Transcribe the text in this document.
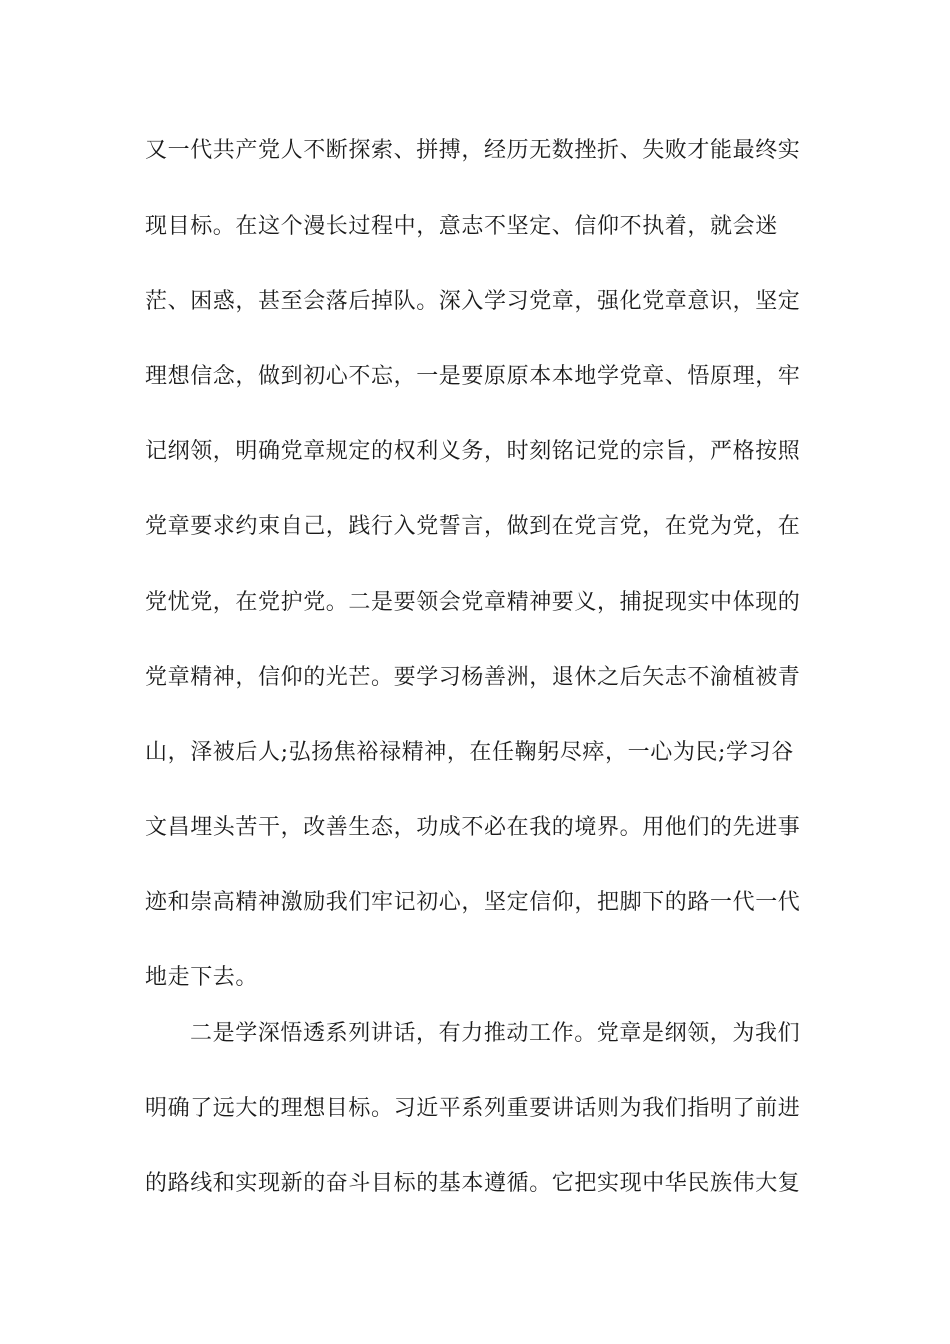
又一代共产党人不断探索、拼搏，经历无数挫折、失败才能最终实
现目标。在这个漫长过程中，意志不坚定、信仰不执着，就会迷
茫、困惑，甚至会落后掉队。深入学习党章，强化党章意识，坚定
理想信念，做到初心不忘，一是要原原本本地学党章、悟原理，牢
记纲领，明确党章规定的权利义务，时刻铭记党的宗旨，严格按照
党章要求约束自己，践行入党誓言，做到在党言党，在党为党，在
党忧党，在党护党。二是要领会党章精神要义，捕捉现实中体现的
党章精神，信仰的光芒。要学习杨善洲，退休之后矢志不渝植被青
山，泽被后人;弘扬焦裕禄精神，在任鞠躬尽瘁，一心为民;学习谷
文昌埋头苦干，改善生态，功成不必在我的境界。用他们的先进事
迹和崇高精神激励我们牢记初心，坚定信仰，把脚下的路一代一代
地走下去。
二是学深悟透系列讲话，有力推动工作。党章是纲领，为我们
明确了远大的理想目标。习近平系列重要讲话则为我们指明了前进
的路线和实现新的奋斗目标的基本遵循。它把实现中华民族伟大复
